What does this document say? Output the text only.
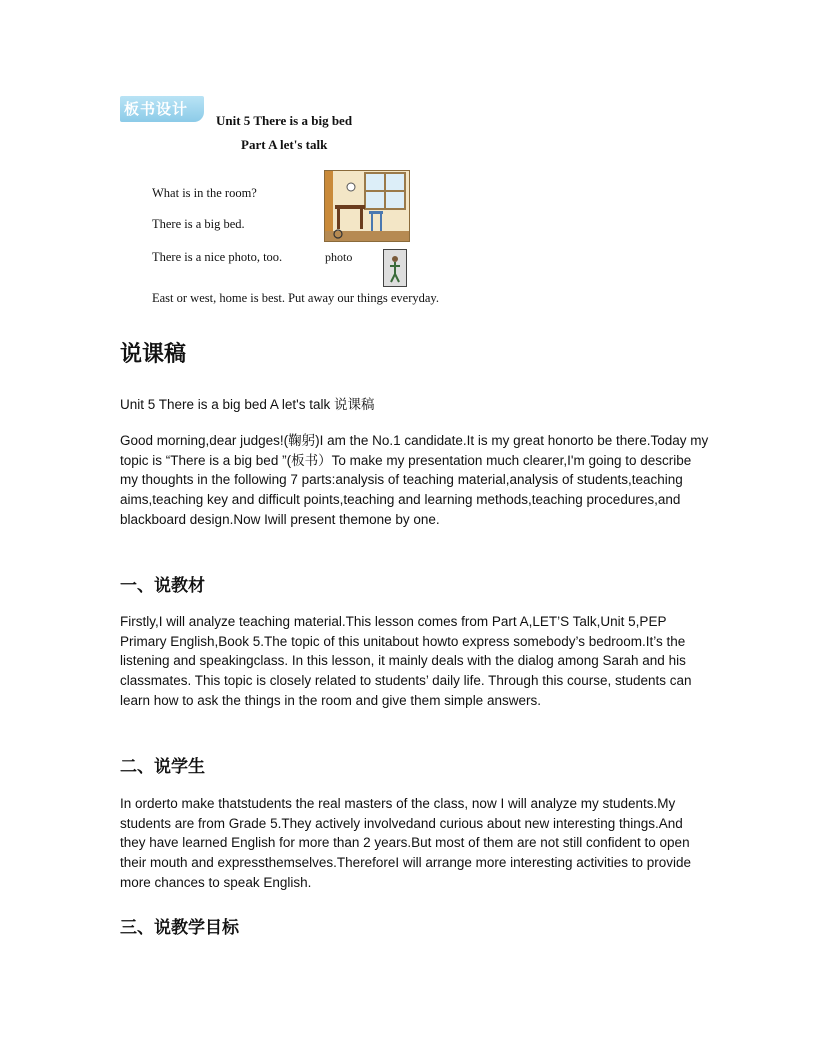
板书设计
Unit 5 There is a big bed
Part A let's talk
What is in the room?
There is a big bed.
There is a nice photo, too.	photo
East or west, home is best. Put away our things everyday.
说课稿
Unit 5 There is a big bed A let's talk 说课稿

Good morning,dear judges!(鞠躬)I am the No.1 candidate.It is my great honorto be there.Today my topic is “There is a big bed ”(板书）To make my presentation much clearer,I'm going to describe my thoughts in the following 7 parts:analysis of teaching material,analysis of students,teaching aims,teaching key and difficult points,teaching and learning methods,teaching procedures,and blackboard design.Now Iwill present themone by one.

一、说教材

Firstly,I will analyze teaching material.This lesson comes from Part A,LET’S Talk,Unit 5,PEP Primary English,Book 5.The topic of this unitabout howto express somebody’s bedroom.It’s the listening and speakingclass. In this lesson, it mainly deals with the dialog among Sarah and his classmates. This topic is closely related to students’ daily life. Through this course, students can learn how to ask the things in the room and give them simple answers.

二、说学生

In orderto make thatstudents the real masters of the class, now I will analyze my students.My students are from Grade 5.They actively involvedand curious about new interesting things.And they have learned English for more than 2 years.But most of them are not still confident to open their mouth and expressthemselves.ThereforeI will arrange more interesting activities to provide more chances to speak English.

三、说教学目标
